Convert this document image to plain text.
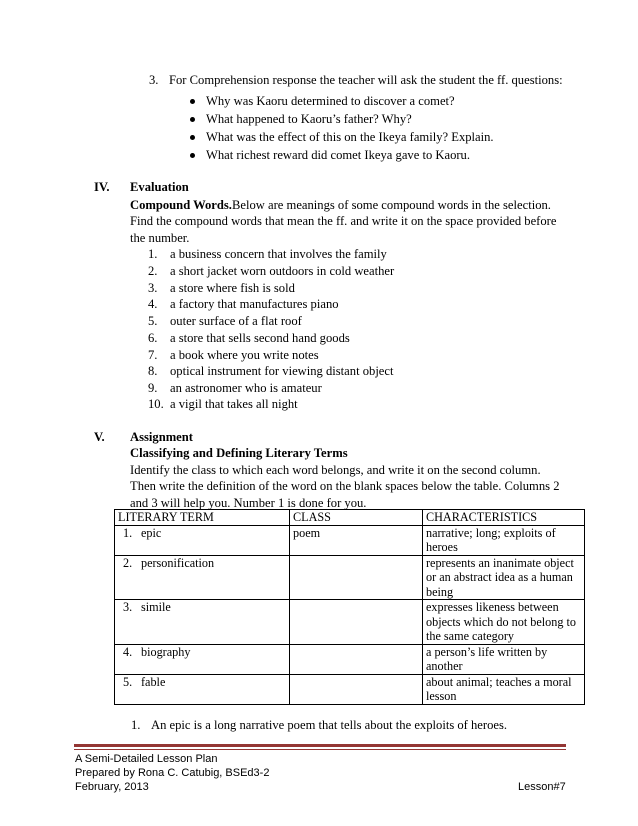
3. For Comprehension response the teacher will ask the student the ff. questions:
Why was Kaoru determined to discover a comet?
What happened to Kaoru’s father? Why?
What was the effect of this on the Ikeya family? Explain.
What richest reward did comet Ikeya gave to Kaoru.
IV. Evaluation
Compound Words.Below are meanings of some compound words in the selection.
Find the compound words that mean the ff. and write it on the space provided before
the number.
1. a business concern that involves the family
2. a short jacket worn outdoors in cold weather
3. a store where fish is sold
4. a factory that manufactures piano
5. outer surface of a flat roof
6. a store that sells second hand goods
7. a book where you write notes
8. optical instrument for viewing distant object
9. an astronomer who is amateur
10. a vigil that takes all night
V. Assignment
Classifying and Defining Literary Terms
Identify the class to which each word belongs, and write it on the second column.
Then write the definition of the word on the blank spaces below the table. Columns 2
and 3 will help you. Number 1 is done for you.
LITERARY TERM	CLASS	CHARACTERISTICS
1. epic	poem	narrative; long; exploits of
heroes

2. personification		represents an inanimate object
or an abstract idea as a human
being

3. simile		expresses likeness between
objects which do not belong to
the same category

4. biography		a person’s life written by
another

5. fable		about animal; teaches a moral
lesson
1. An epic is a long narrative poem that tells about the exploits of heroes.
A Semi-Detailed Lesson Plan
Prepared by Rona C. Catubig, BSEd3-2
February, 2013	Lesson#7
